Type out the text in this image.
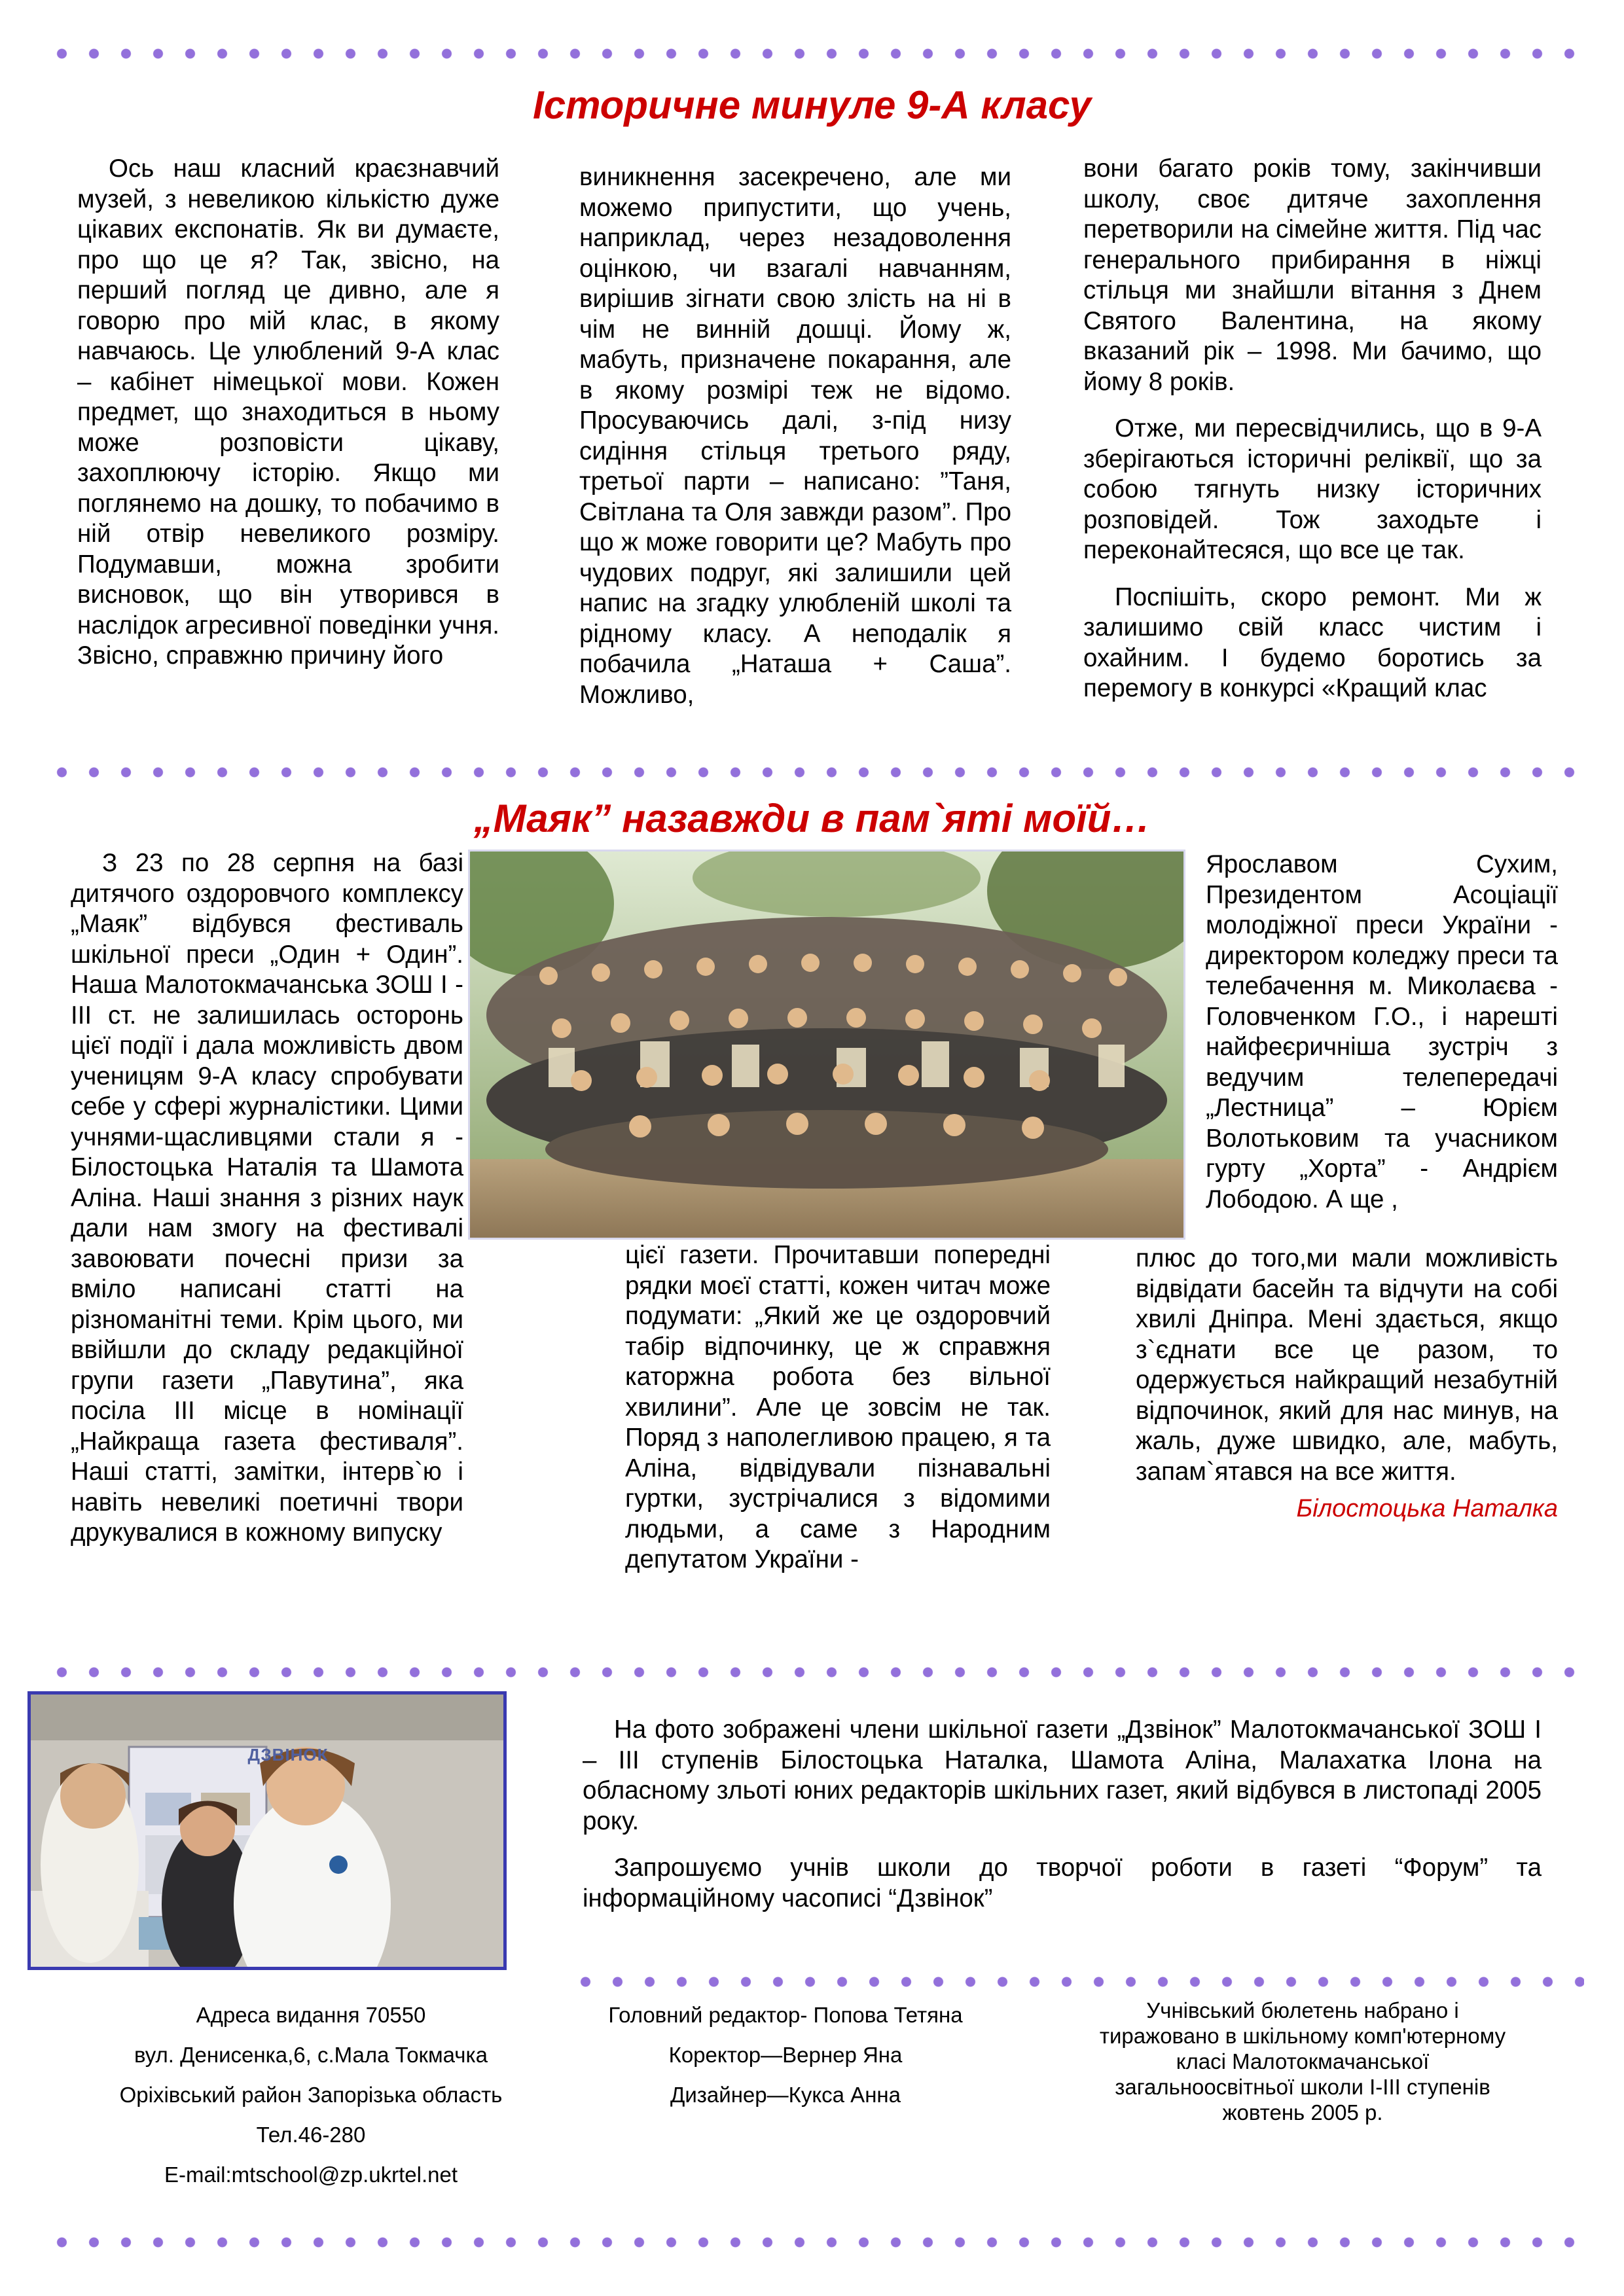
Історичне минуле 9-А класу

Ось наш класний краєзнавчий музей, з невеликою кількістю дуже цікавих експонатів. Як ви думаєте, про що це я? Так, звісно, на перший погляд це дивно, але я говорю про мій клас, в якому навчаюсь. Це улюблений 9-А клас – кабінет німецької мови. Кожен предмет, що знаходиться в ньому може розповісти цікаву, захоплюючу історію. Якщо ми поглянемо на дошку, то побачимо в ній отвір невеликого розміру. Подумавши, можна зробити висновок, що він утворився в наслідок агресивної поведінки учня. Звісно, справжню причину його

виникнення засекречено, але ми можемо припустити, що учень, наприклад, через незадоволення оцінкою, чи взагалі навчанням, вирішив зігнати свою злість на ні в чім не винній дошці. Йому ж, мабуть, призначене покарання, але в якому розмірі теж не відомо. Просуваючись далі, з-під низу сидіння стільця третього ряду, третьої парти – написано: ”Таня, Світлана та Оля завжди разом”. Про що ж може говорити це? Мабуть про чудових подруг, які залишили цей напис на згадку улюбленій школі та рідному класу. А неподалік я побачила „Наташа + Саша”. Можливо,

вони багато років тому, закінчивши школу, своє дитяче захоплення перетворили на сімейне життя. Під час генерального прибирання в ніжці стільця ми знайшли вітання з Днем Святого Валентина, на якому вказаний рік – 1998. Ми бачимо, що йому 8 років.

Отже, ми пересвідчились, що в 9-А зберігаються історичні реліквії, що за собою тягнуть низку історичних розповідей. Тож заходьте і переконайтесяся, що все це так.

Поспішіть, скоро ремонт. Ми ж залишимо свій класс чистим і охайним. І будемо боротись за перемогу в конкурсі «Кращий клас

„Маяк” назавжди в пам`яті моїй…

З 23 по 28 серпня на базі дитячого оздоровчого комплексу „Маяк” відбувся фестиваль шкільної преси „Один + Один”. Наша Малотокмачанська ЗОШ І - ІІІ ст. не залишилась осторонь цієї події і дала можливість двом ученицям 9-А класу спробувати себе у сфері журналістики. Цими учнями-щасливцями стали я - Білостоцька Наталія та Шамота Аліна. Наші знання з різних наук дали нам змогу на фестивалі завоювати почесні призи за вміло написані статті на різноманітні теми. Крім цього, ми ввійшли до складу редакційної групи газети „Павутина”, яка посіла ІІІ місце в номінації „Найкраща газета фестиваля”. Наші статті, замітки, інтерв`ю і навіть невеликі поетичні твори друкувалися в кожному випуску

цієї газети. Прочитавши попередні рядки моєї статті, кожен читач може подумати: „Який же це оздоровчий табір відпочинку, це ж справжня каторжна робота без вільної хвилини”. Але це зовсім не так. Поряд з наполегливою працею, я та Аліна, відвідували пізнавальні гуртки, зустрічалися з відомими людьми, а саме з Народним депутатом України -

Ярославом Сухим, Президентом Асоціації молодіжної преси України - директором коледжу преси та телебачення м. Миколаєва - Головченком Г.О., і нарешті найфеєричніша зустріч з ведучим телепередачі „Лестница” – Юрієм Волотьковим та учасником гурту „Хорта” - Андрієм Лободою. А ще ,

плюс до того,ми мали можливість відвідати басейн та відчути на собі хвилі Дніпра. Мені здається, якщо з`єднати все це разом, то одержується найкращий незабутній відпочинок, який для нас минув, на жаль, дуже швидко, але, мабуть, запам`ятався на все життя.

Білостоцька Наталка
ДЗВІНОК

На фото зображені члени шкільної газети „Дзвінок” Малотокмачанської ЗОШ І – ІІІ ступенів Білостоцька Наталка, Шамота Аліна, Малахатка Ілона на обласному зльоті юних редакторів шкільних газет, який відбувся в листопаді 2005 року.

Запрошуємо учнів школи до творчої роботи в газеті “Форум” та інформаційному часописі “Дзвінок”

Адреса видання 70550
вул. Денисенка,6, с.Мала Токмачка
Оріхівський район Запорізька область
Тел.46-280
E-mail:mtschool@zp.ukrtel.net
Головний редактор- Попова Тетяна
Коректор—Вернер Яна
Дизайнер—Кукса Анна
Учнівський бюлетень набрано і
тиражовано в шкільному комп'ютерному
класі Малотокмачанської
загальноосвітньої школи І-ІІІ ступенів
жовтень 2005 р.
